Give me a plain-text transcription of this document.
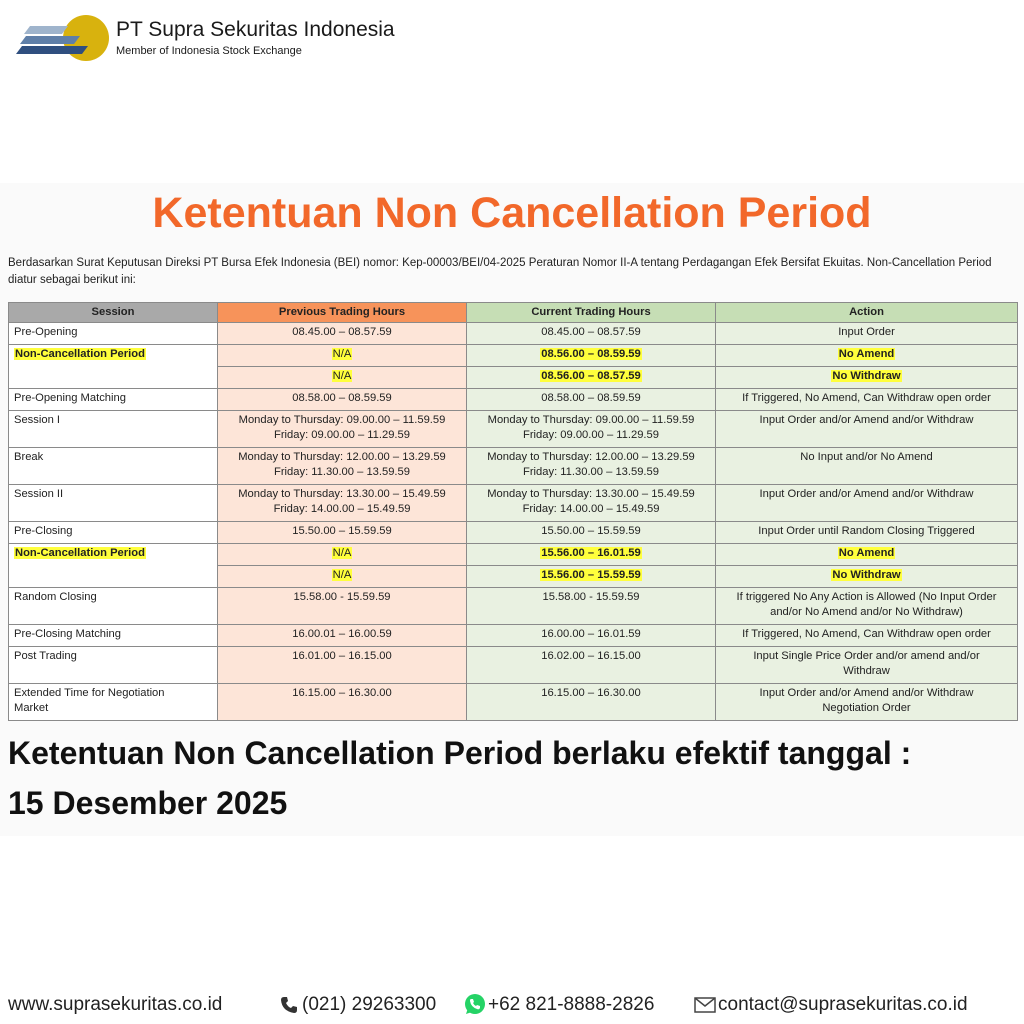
PT Supra Sekuritas Indonesia
Member of Indonesia Stock Exchange
Ketentuan Non Cancellation Period
Berdasarkan Surat Keputusan Direksi PT Bursa Efek Indonesia (BEI) nomor: Kep-00003/BEI/04-2025 Peraturan Nomor II-A tentang Perdagangan Efek Bersifat Ekuitas. Non-Cancellation Period diatur sebagai berikut ini:
Session	Previous Trading Hours	Current Trading Hours	Action
Pre-Opening	08.45.00 – 08.57.59	08.45.00 – 08.57.59	Input Order
Non-Cancellation Period	N/A	08.56.00 – 08.59.59	No Amend
	N/A	08.56.00 – 08.57.59	No Withdraw
Pre-Opening Matching	08.58.00 – 08.59.59	08.58.00 – 08.59.59	If Triggered, No Amend, Can Withdraw open order
Session I	Monday to Thursday: 09.00.00 – 11.59.59
Friday: 09.00.00 – 11.29.59	Monday to Thursday: 09.00.00 – 11.59.59
Friday: 09.00.00 – 11.29.59	Input Order and/or Amend and/or Withdraw
Break	Monday to Thursday: 12.00.00 – 13.29.59
Friday: 11.30.00 – 13.59.59	Monday to Thursday: 12.00.00 – 13.29.59
Friday: 11.30.00 – 13.59.59	No Input and/or No Amend
Session II	Monday to Thursday: 13.30.00 – 15.49.59
Friday: 14.00.00 – 15.49.59	Monday to Thursday: 13.30.00 – 15.49.59
Friday: 14.00.00 – 15.49.59	Input Order and/or Amend and/or Withdraw
Pre-Closing	15.50.00 – 15.59.59	15.50.00 – 15.59.59	Input Order until Random Closing Triggered
Non-Cancellation Period	N/A	15.56.00 – 16.01.59	No Amend
	N/A	15.56.00 – 15.59.59	No Withdraw
Random Closing	15.58.00 - 15.59.59	15.58.00 - 15.59.59	If triggered No Any Action is Allowed (No Input Order
and/or No Amend and/or No Withdraw)

Pre-Closing Matching	16.00.01 – 16.00.59	16.00.00 – 16.01.59	If Triggered, No Amend, Can Withdraw open order
Post Trading	16.01.00 – 16.15.00	16.02.00 – 16.15.00	Input Single Price Order and/or amend and/or
Withdraw

Extended Time for Negotiation
Market	16.15.00 – 16.30.00	16.15.00 – 16.30.00	Input Order and/or Amend and/or Withdraw
Negotiation Order
Ketentuan Non Cancellation Period berlaku efektif tanggal :
15 Desember 2025
www.suprasekuritas.co.id	(021) 29263300	+62 821-8888-2826	contact@suprasekuritas.co.id
